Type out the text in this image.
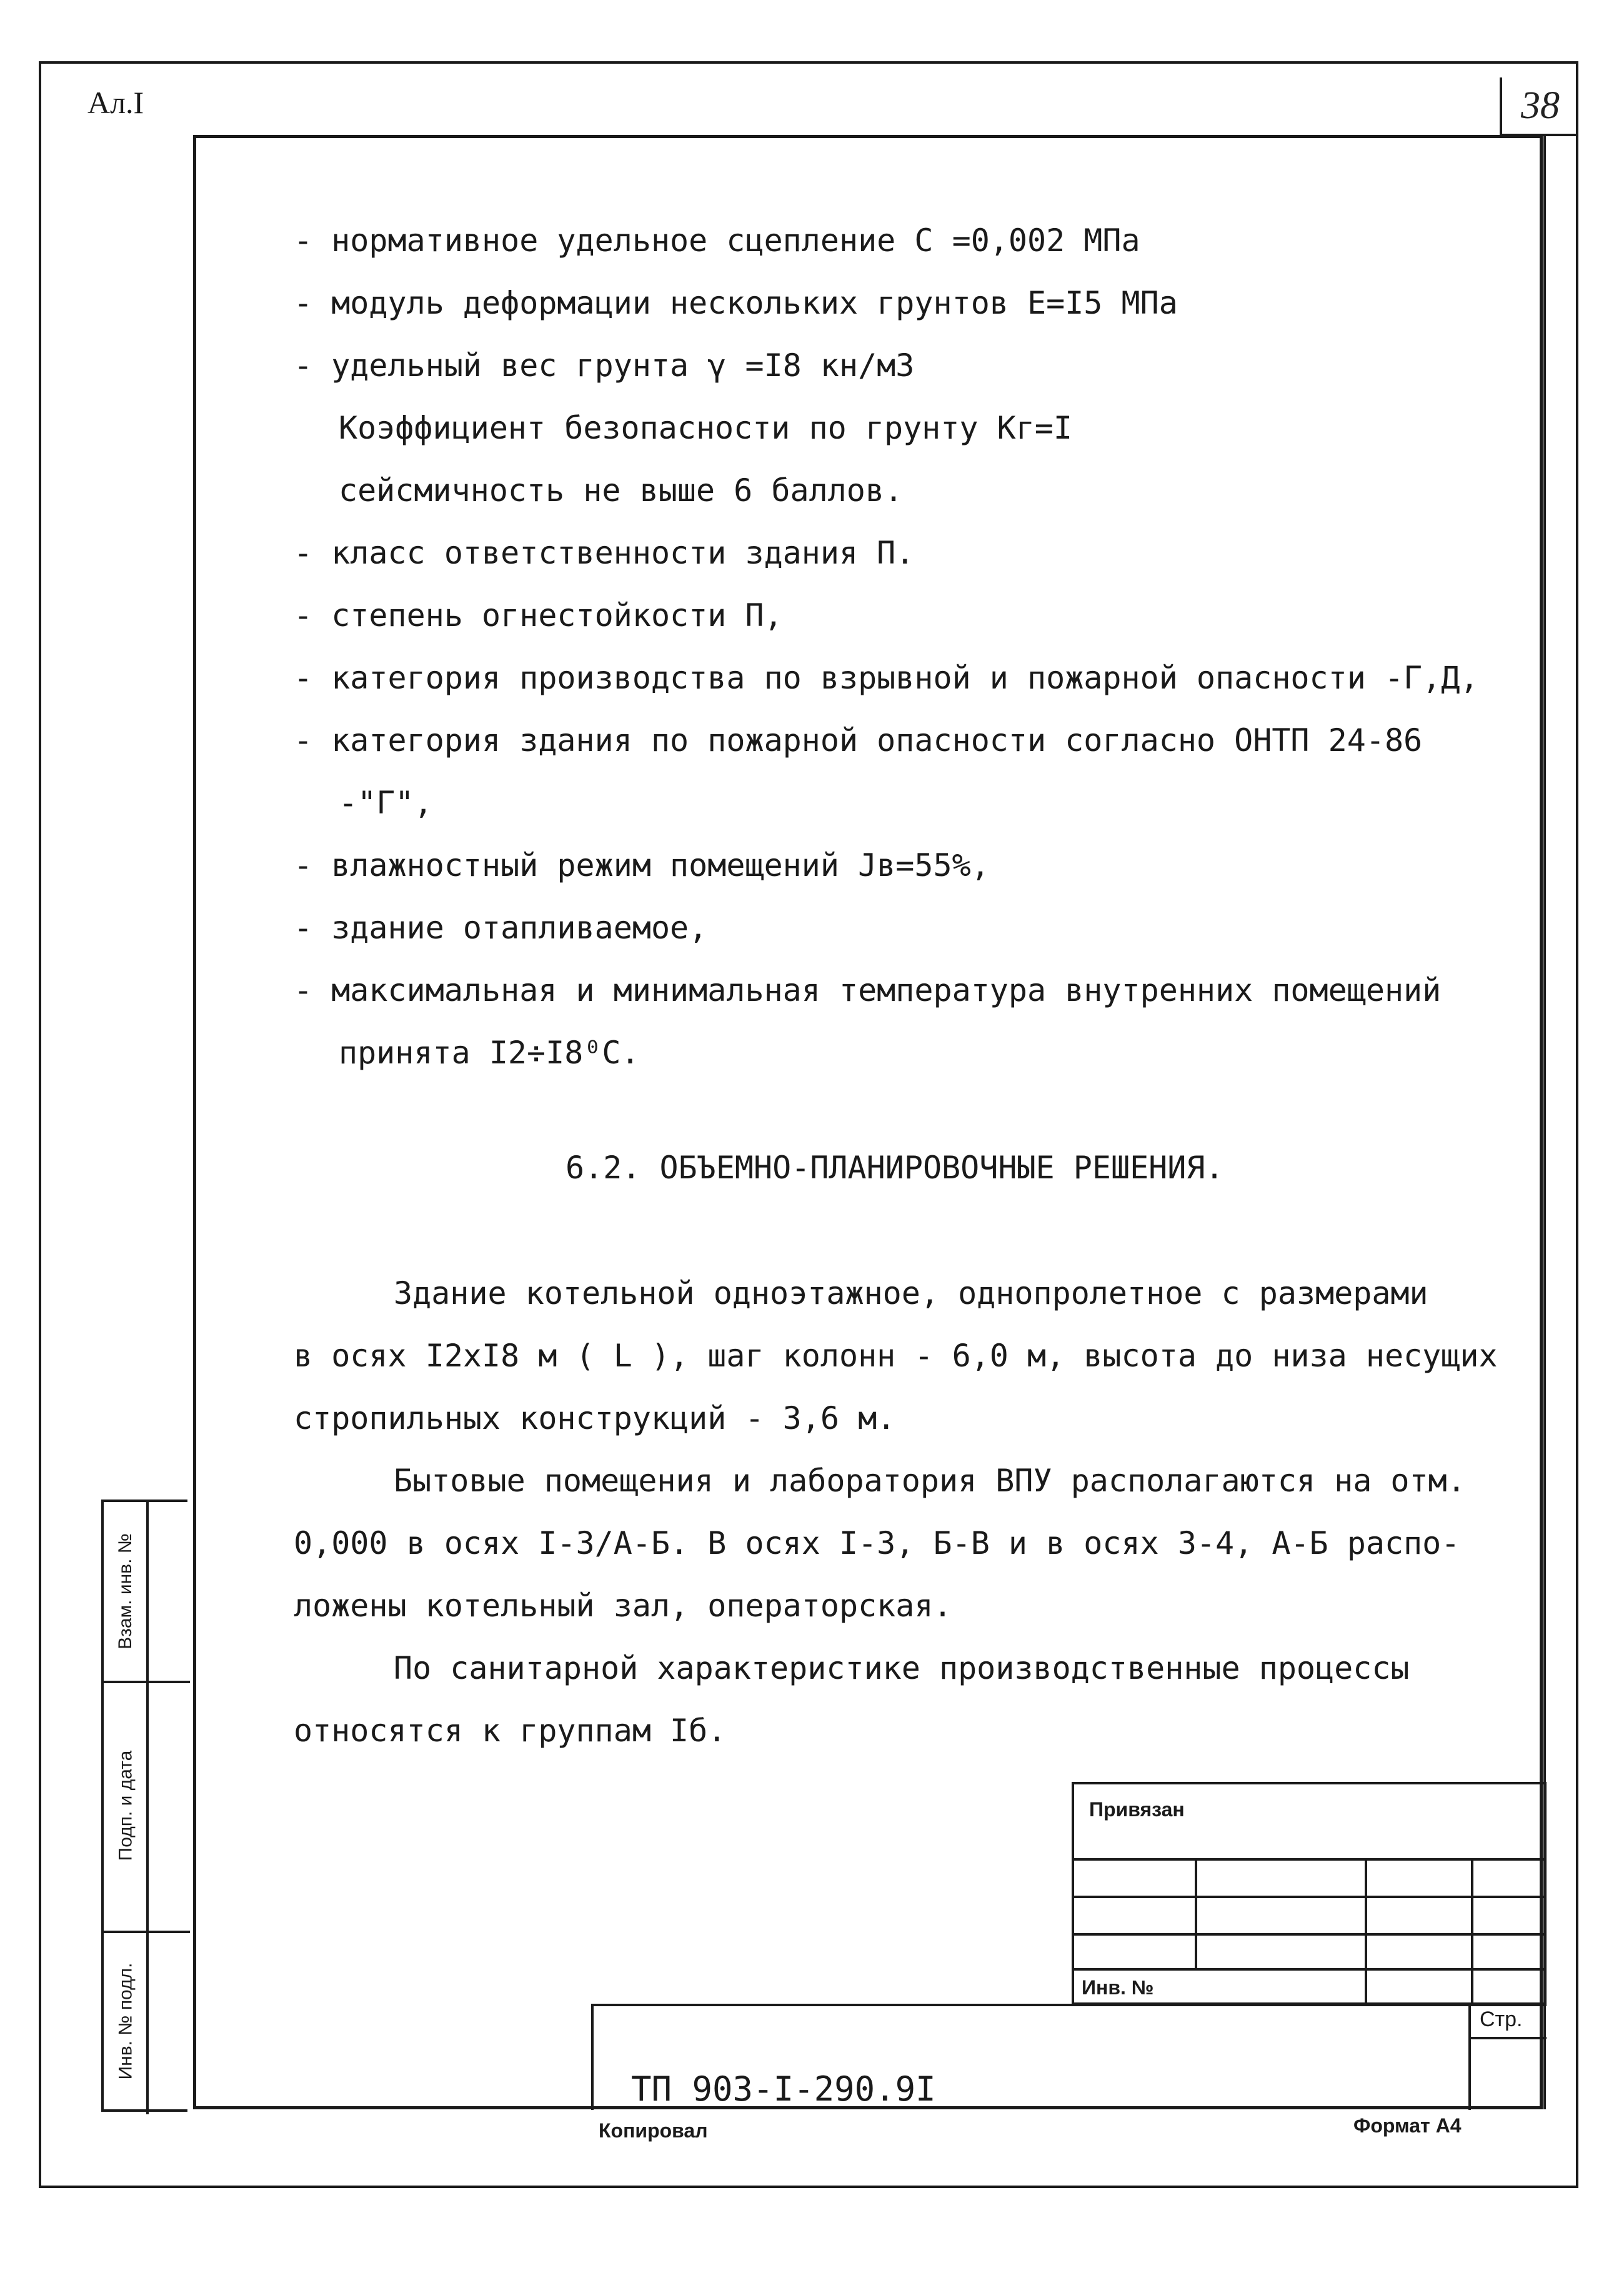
Ал.I	38
- нормативное удельное сцепление С =0,002 МПа
- модуль деформации нескольких грунтов Е=I5 МПа
- удельный вес грунта γ =I8 кн/м3
Коэффициент безопасности по грунту Кг=I
сейсмичность не выше 6 баллов.
- класс ответственности здания П.
- степень огнестойкости П,
- категория производства по взрывной и пожарной опасности -Г,Д,
- категория здания по пожарной опасности согласно ОНТП 24-86
-"Г",
- влажностный режим помещений Jв=55%,
- здание отапливаемое,
- максимальная и минимальная температура внутренних помещений
принята I2÷I8⁰С.
6.2. ОБЪЕМНО-ПЛАНИРОВОЧНЫЕ РЕШЕНИЯ.
Здание котельной одноэтажное, однопролетное с размерами
в осях I2хI8 м ( L ), шаг колонн - 6,0 м, высота до низа несущих
стропильных конструкций - 3,6 м.
Бытовые помещения и лаборатория ВПУ располагаются на отм.
0,000 в осях I-3/А-Б. В осях I-3, Б-В и в осях 3-4, А-Б распо-
ложены котельный зал, операторская.
По санитарной характеристике производственные процессы
относятся к группам Iб.
Взам. инв. №
Подп. и дата
Инв. № подл.
Привязан
Инв. №
Стр.
ТП 903-I-290.9I
Копировал	Формат А4
